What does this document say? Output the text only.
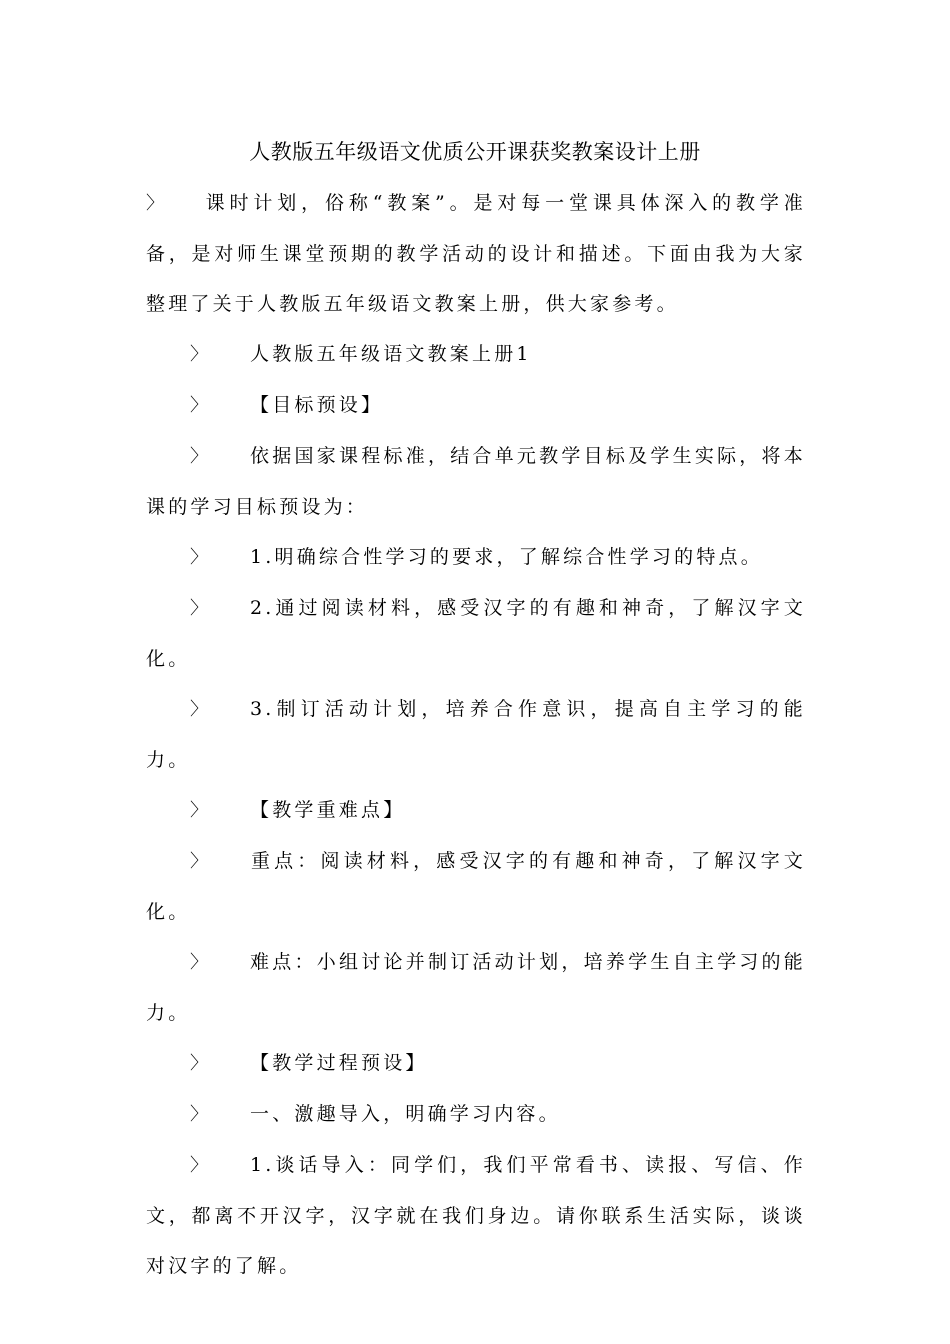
人教版五年级语文优质公开课获奖教案设计上册

〉 课时计划，俗称“教案”。是对每一堂课具体深入的教学准备，是对师生课堂预期的教学活动的设计和描述。下面由我为大家整理了关于人教版五年级语文教案上册，供大家参考。

〉 人教版五年级语文教案上册1

〉 【目标预设】

〉 依据国家课程标准，结合单元教学目标及学生实际，将本课的学习目标预设为：

〉 1.明确综合性学习的要求，了解综合性学习的特点。

〉 2.通过阅读材料，感受汉字的有趣和神奇，了解汉字文化。

〉 3.制订活动计划，培养合作意识，提高自主学习的能力。

〉 【教学重难点】

〉 重点：阅读材料，感受汉字的有趣和神奇，了解汉字文化。

〉 难点：小组讨论并制订活动计划，培养学生自主学习的能力。

〉 【教学过程预设】

〉 一、激趣导入，明确学习内容。

〉 1.谈话导入：同学们，我们平常看书、读报、写信、作文，都离不开汉字，汉字就在我们身边。请你联系生活实际，谈谈对汉字的了解。
